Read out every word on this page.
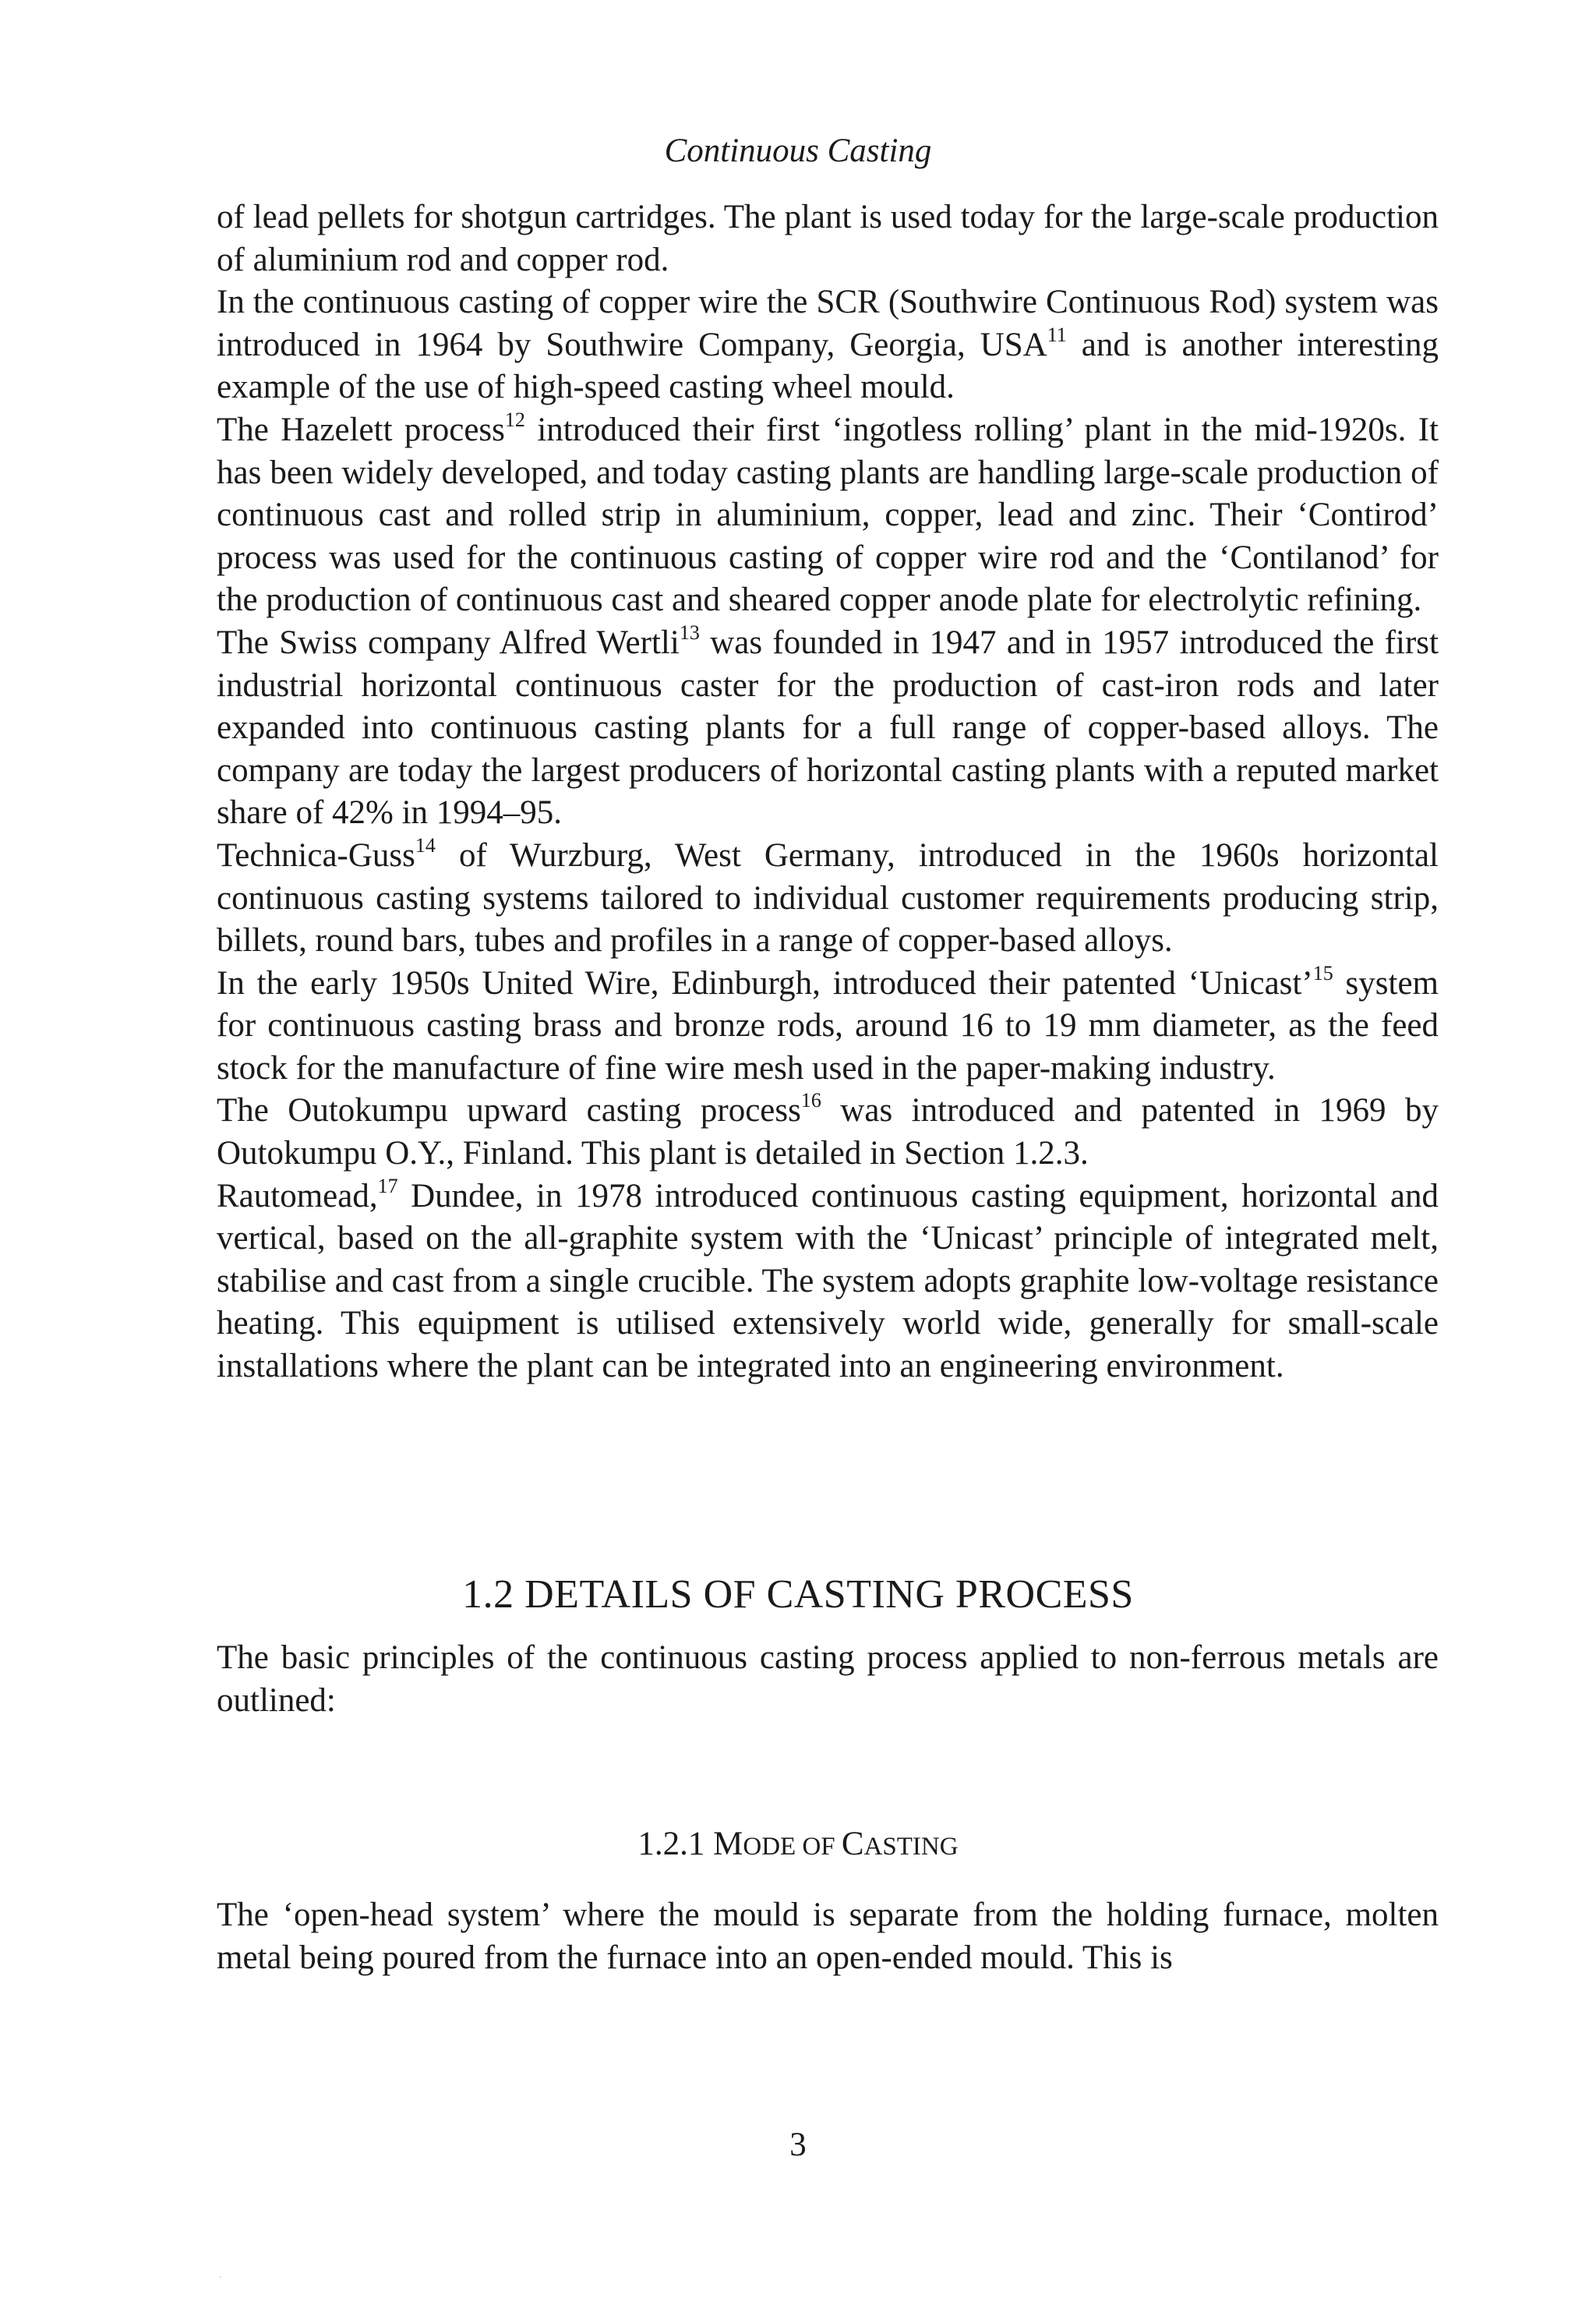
Continuous Casting

of lead pellets for shotgun cartridges. The plant is used today for the large-scale production of aluminium rod and copper rod.

In the continuous casting of copper wire the SCR (Southwire Continuous Rod) system was introduced in 1964 by Southwire Company, Georgia, USA$^{11}$ and is another interesting example of the use of high-speed casting wheel mould.

The Hazelett process$^{12}$ introduced their first ‘ingotless rolling’ plant in the mid-1920s. It has been widely developed, and today casting plants are handling large-scale production of continuous cast and rolled strip in aluminium, copper, lead and zinc. Their ‘Contirod’ process was used for the continuous casting of copper wire rod and the ‘Contilanod’ for the production of continuous cast and sheared copper anode plate for electrolytic refining.

The Swiss company Alfred Wertli$^{13}$ was founded in 1947 and in 1957 introduced the first industrial horizontal continuous caster for the production of cast-iron rods and later expanded into continuous casting plants for a full range of copper-based alloys. The company are today the largest producers of horizontal casting plants with a reputed market share of 42% in 1994–95.

Technica-Guss$^{14}$ of Wurzburg, West Germany, introduced in the 1960s horizontal continuous casting systems tailored to individual customer requirements producing strip, billets, round bars, tubes and profiles in a range of copper-based alloys.

In the early 1950s United Wire, Edinburgh, introduced their patented ‘Unicast’$^{15}$ system for continuous casting brass and bronze rods, around 16 to 19 mm diameter, as the feed stock for the manufacture of fine wire mesh used in the paper-making industry.

The Outokumpu upward casting process$^{16}$ was introduced and patented in 1969 by Outokumpu O.Y., Finland. This plant is detailed in Section 1.2.3.

Rautomead,$^{17}$ Dundee, in 1978 introduced continuous casting equipment, horizontal and vertical, based on the all-graphite system with the ‘Unicast’ principle of integrated melt, stabilise and cast from a single crucible. The system adopts graphite low-voltage resistance heating. This equipment is utilised extensively world wide, generally for small-scale installations where the plant can be integrated into an engineering environment.

1.2 DETAILS OF CASTING PROCESS

The basic principles of the continuous casting process applied to non-ferrous metals are outlined:

1.2.1 MODE OF CASTING

The ‘open-head system’ where the mould is separate from the holding furnace, molten metal being poured from the furnace into an open-ended mould. This is

3
